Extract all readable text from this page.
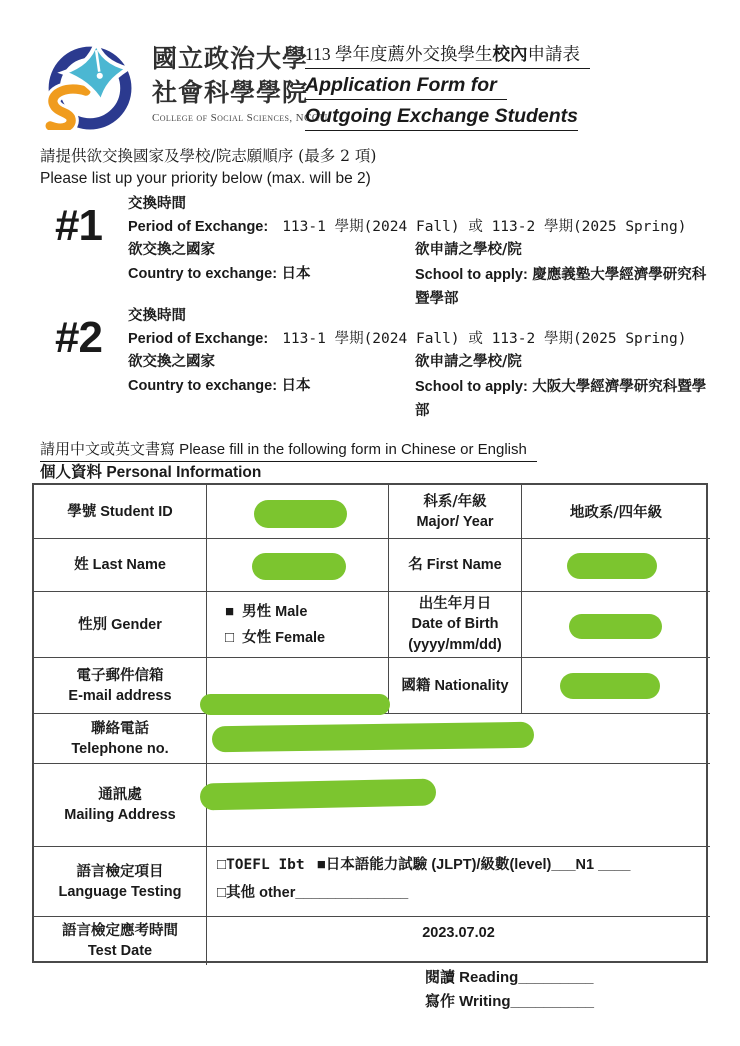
國立政治大學
社會科學學院
College of Social Sciences, NCCU
113 學年度薦外交換學生校內申請表
Application Form for
Outgoing Exchange Students
請提供欲交換國家及學校/院志願順序 (最多 2 項)
Please list up your priority below (max. will be 2)
#1 交換時間
Period of Exchange: 113-1 學期(2024 Fall) 或 113-2 學期(2025 Spring)
欲交換之國家
Country to exchange: 日本
欲申請之學校/院
School to apply: 慶應義塾大學經濟學研究科暨學部
#2 交換時間
Period of Exchange: 113-1 學期(2024 Fall) 或 113-2 學期(2025 Spring)
欲交換之國家
Country to exchange: 日本
欲申請之學校/院
School to apply: 大阪大學經濟學研究科暨學部
請用中文或英文書寫 Please fill in the following form in Chinese or English
個人資料 Personal Information
學號 Student ID
科系/年級
Major/ Year
地政系/四年級
姓 Last Name	名 First Name
性別 Gender
■ 男性 Male
□ 女性 Female
出生年月日
Date of Birth
(yyyy/mm/dd)
電子郵件信箱
E-mail address
國籍 Nationality
聯絡電話
Telephone no.
通訊處
Mailing Address
語言檢定項目
Language Testing
□TOEFL Ibt ■日本語能力試驗 (JLPT)/級數(level)___N1 ____
□其他 other______________
語言檢定應考時間
Test Date
2023.07.02
閱讀 Reading_________
寫作 Writing__________
